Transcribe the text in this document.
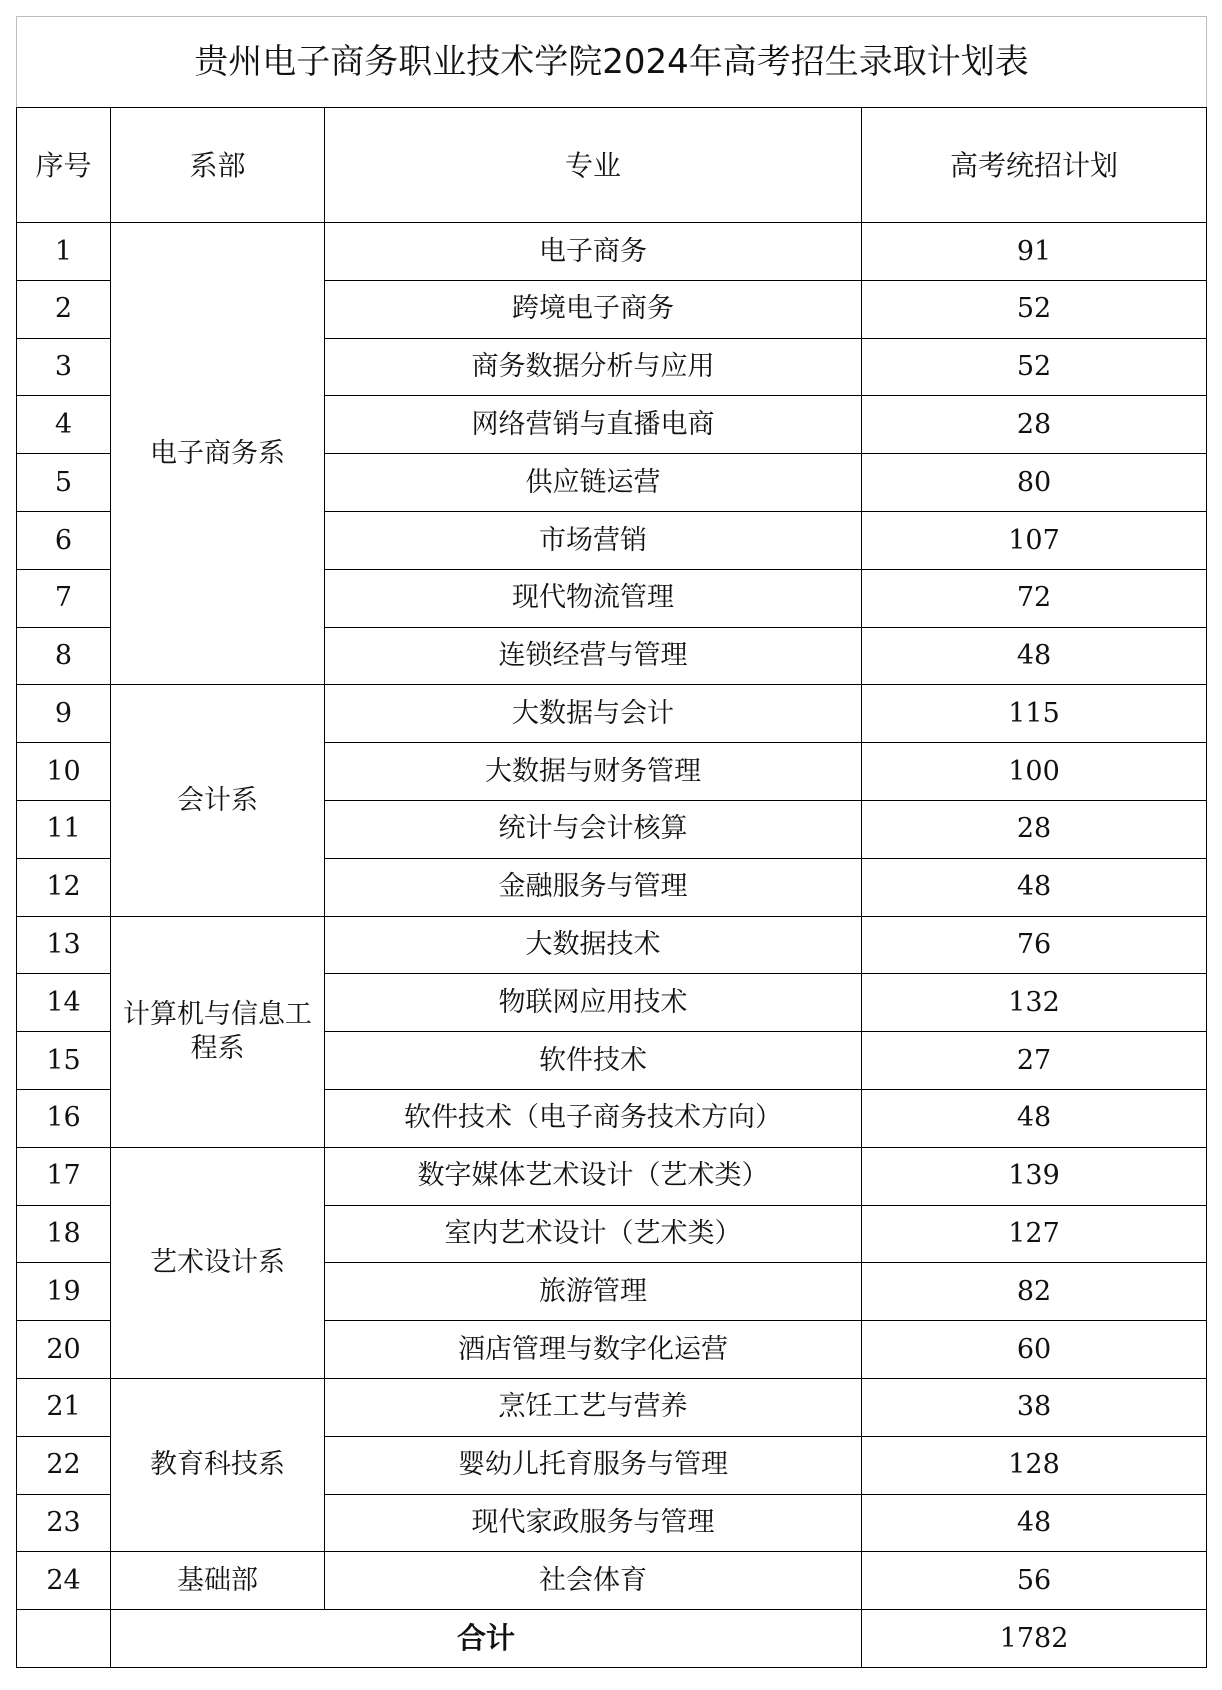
贵州电子商务职业技术学院2024年高考招生录取计划表			
序号	系部	专业	高考统招计划
1	电子商务系	电子商务	91
2		跨境电子商务	52
3		商务数据分析与应用	52
4		网络营销与直播电商	28
5		供应链运营	80
6		市场营销	107
7		现代物流管理	72
8		连锁经营与管理	48
9	会计系	大数据与会计	115
10		大数据与财务管理	100
11		统计与会计核算	28
12		金融服务与管理	48
13	计算机与信息工程系	大数据技术	76
14		物联网应用技术	132
15		软件技术	27
16		软件技术（电子商务技术方向）	48
17	艺术设计系	数字媒体艺术设计（艺术类）	139
18		室内艺术设计（艺术类）	127
19		旅游管理	82
20		酒店管理与数字化运营	60
21	教育科技系	烹饪工艺与营养	38
22		婴幼儿托育服务与管理	128
23		现代家政服务与管理	48
24	基础部	社会体育	56
	合计		1782
